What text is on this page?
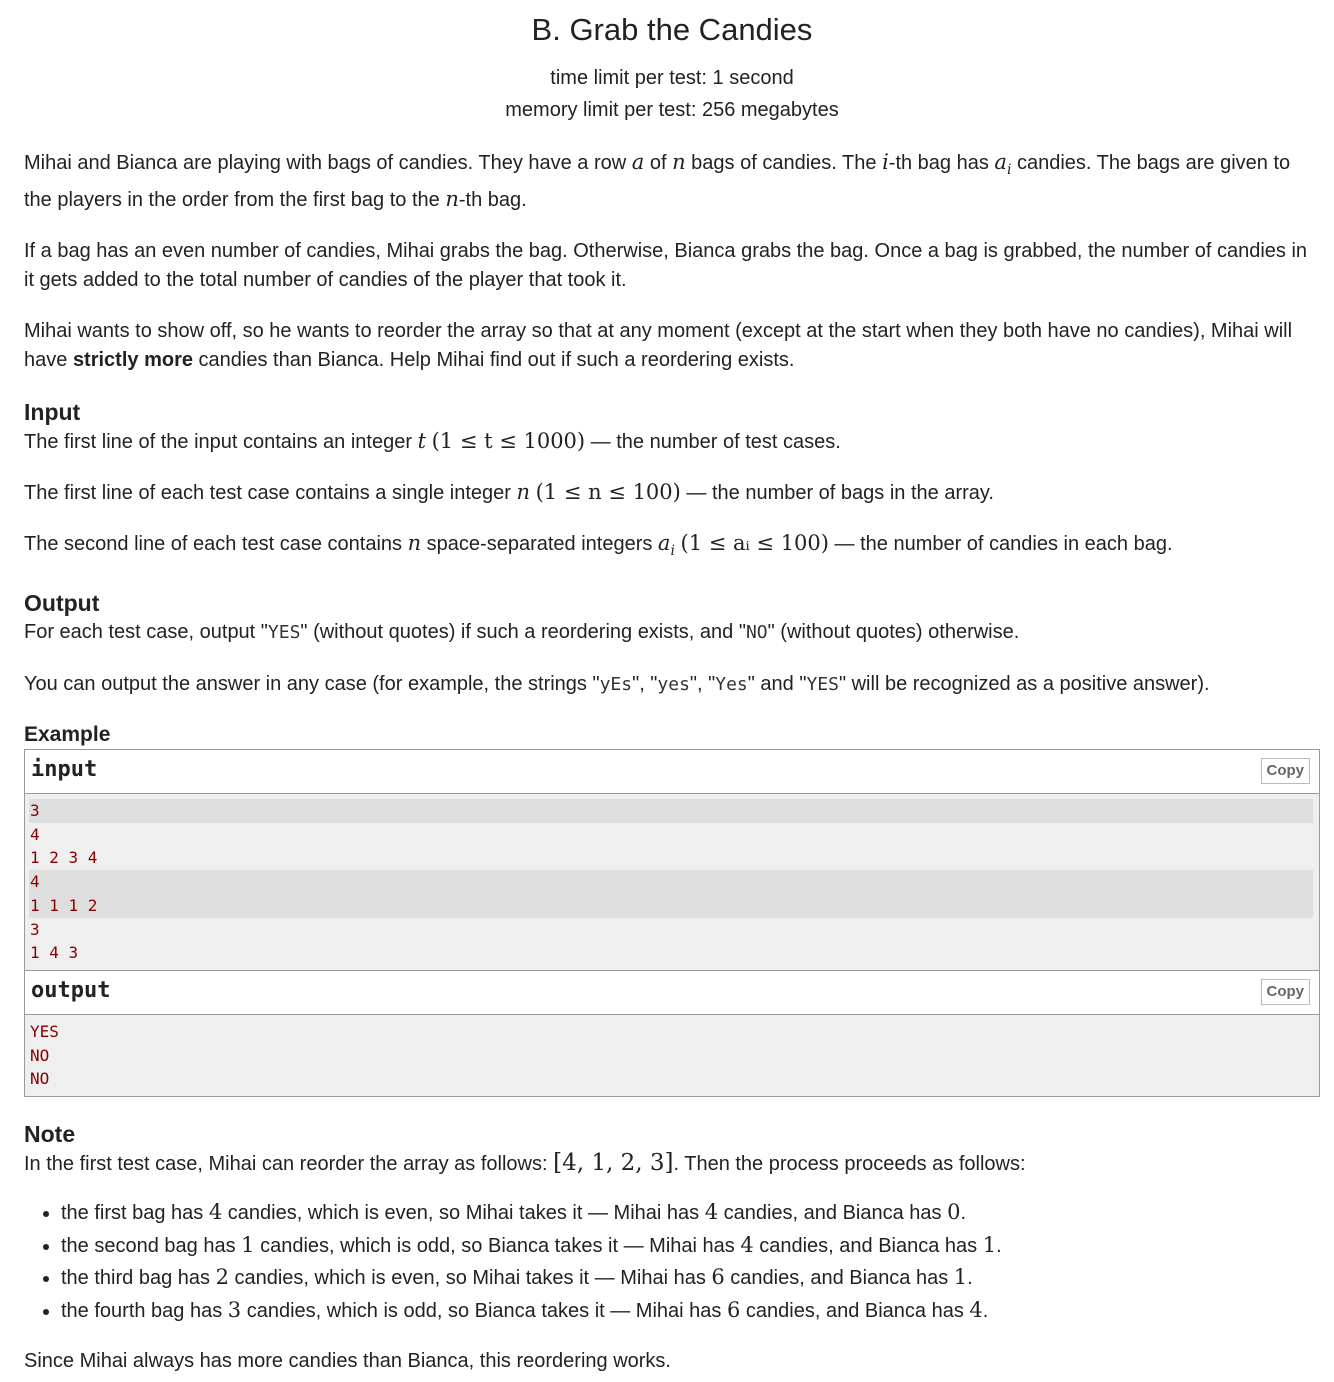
B. Grab the Candies
time limit per test: 1 second
memory limit per test: 256 megabytes

Mihai and Bianca are playing with bags of candies. They have a row a of n bags of candies. The i-th bag has $a_i$ candies. The bags are given to the players in the order from the first bag to the n-th bag.

If a bag has an even number of candies, Mihai grabs the bag. Otherwise, Bianca grabs the bag. Once a bag is grabbed, the number of candies in it gets added to the total number of candies of the player that took it.

Mihai wants to show off, so he wants to reorder the array so that at any moment (except at the start when they both have no candies), Mihai will have strictly more candies than Bianca. Help Mihai find out if such a reordering exists.

Input

The first line of the input contains an integer t (1 ≤ t ≤ 1000) — the number of test cases.

The first line of each test case contains a single integer n (1 ≤ n ≤ 100) — the number of bags in the array.

The second line of each test case contains n space-separated integers $a_i$ (1 ≤ aᵢ ≤ 100) — the number of candies in each bag.

Output

For each test case, output "YES" (without quotes) if such a reordering exists, and "NO" (without quotes) otherwise.

You can output the answer in any case (for example, the strings "yEs", "yes", "Yes" and "YES" will be recognized as a positive answer).

Example
input	Copy
3
4
1 2 3 4
4
1 1 1 2
3
1 4 3
output	Copy
YES
NO
NO
Note

In the first test case, Mihai can reorder the array as follows: [4, 1, 2, 3]. Then the process proceeds as follows:

• the first bag has 4 candies, which is even, so Mihai takes it — Mihai has 4 candies, and Bianca has 0.
• the second bag has 1 candies, which is odd, so Bianca takes it — Mihai has 4 candies, and Bianca has 1.
• the third bag has 2 candies, which is even, so Mihai takes it — Mihai has 6 candies, and Bianca has 1.
• the fourth bag has 3 candies, which is odd, so Bianca takes it — Mihai has 6 candies, and Bianca has 4.

Since Mihai always has more candies than Bianca, this reordering works.
